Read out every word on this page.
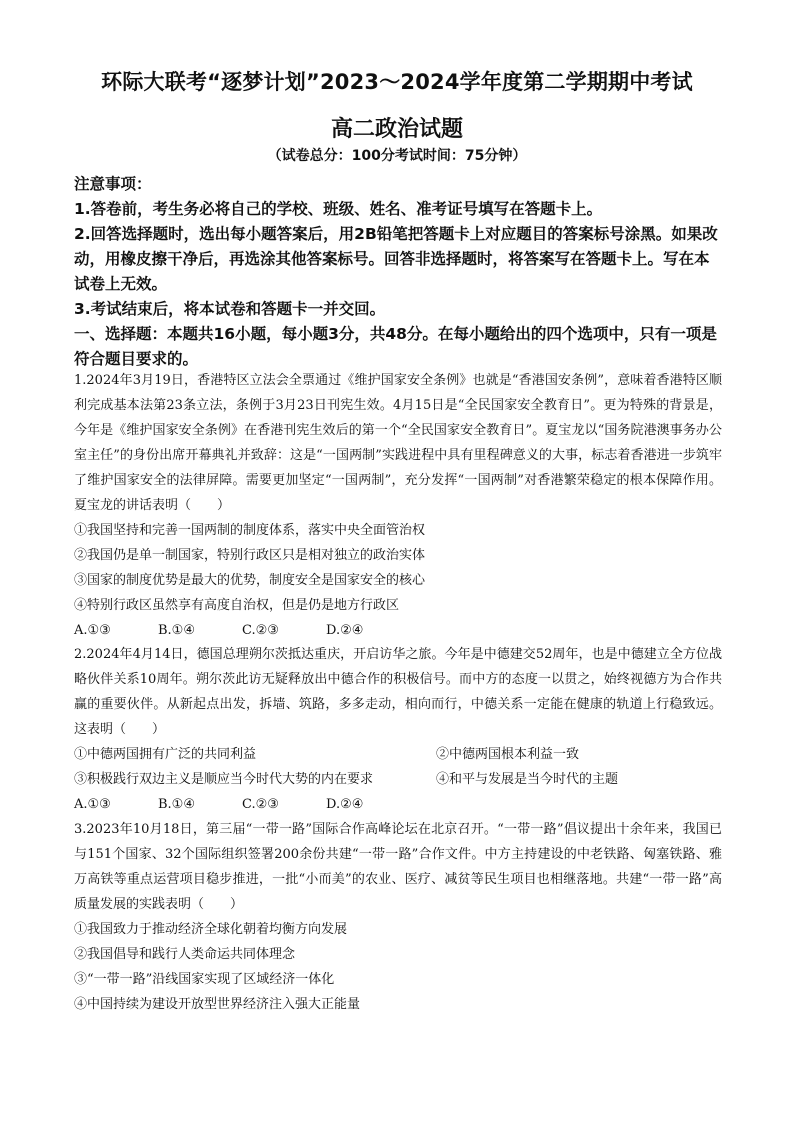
环际大联考“逐梦计划”2023～2024学年度第二学期期中考试
高二政治试题
（试卷总分：100分考试时间：75分钟）
注意事项：
1.答卷前，考生务必将自己的学校、班级、姓名、准考证号填写在答题卡上。
2.回答选择题时，选出每小题答案后，用2B铅笔把答题卡上对应题目的答案标号涂黑。如果改动，用橡皮擦干净后，再选涂其他答案标号。回答非选择题时，将答案写在答题卡上。写在本试卷上无效。
3.考试结束后，将本试卷和答题卡一并交回。
一、选择题：本题共16小题，每小题3分，共48分。在每小题给出的四个选项中，只有一项是符合题目要求的。
1.2024年3月19日，香港特区立法会全票通过《维护国家安全条例》也就是“香港国安条例”，意味着香港特区顺利完成基本法第23条立法，条例于3月23日刊宪生效。4月15日是“全民国家安全教育日”。更为特殊的背景是，今年是《维护国家安全条例》在香港刊宪生效后的第一个“全民国家安全教育日”。夏宝龙以“国务院港澳事务办公室主任”的身份出席开幕典礼并致辞：这是“一国两制”实践进程中具有里程碑意义的大事，标志着香港进一步筑牢了维护国家安全的法律屏障。需要更加坚定“一国两制”，充分发挥“一国两制”对香港繁荣稳定的根本保障作用。夏宝龙的讲话表明（　　）
①我国坚持和完善一国两制的制度体系，落实中央全面管治权
②我国仍是单一制国家，特别行政区只是相对独立的政治实体
③国家的制度优势是最大的优势，制度安全是国家安全的核心
④特别行政区虽然享有高度自治权，但是仍是地方行政区
A.①③	B.①④	C.②③	D.②④
2.2024年4月14日，德国总理朔尔茨抵达重庆，开启访华之旅。今年是中德建交52周年，也是中德建立全方位战略伙伴关系10周年。朔尔茨此访无疑释放出中德合作的积极信号。而中方的态度一以贯之，始终视德方为合作共赢的重要伙伴。从新起点出发，拆墙、筑路，多多走动，相向而行，中德关系一定能在健康的轨道上行稳致远。这表明（　　）
①中德两国拥有广泛的共同利益	②中德两国根本利益一致
③积极践行双边主义是顺应当今时代大势的内在要求	④和平与发展是当今时代的主题
A.①③	B.①④	C.②③	D.②④
3.2023年10月18日，第三届“一带一路”国际合作高峰论坛在北京召开。“一带一路”倡议提出十余年来，我国已与151个国家、32个国际组织签署200余份共建“一带一路”合作文件。中方主持建设的中老铁路、匈塞铁路、雅万高铁等重点运营项目稳步推进，一批“小而美”的农业、医疗、减贫等民生项目也相继落地。共建“一带一路”高质量发展的实践表明（　　）
①我国致力于推动经济全球化朝着均衡方向发展
②我国倡导和践行人类命运共同体理念
③“一带一路”沿线国家实现了区域经济一体化
④中国持续为建设开放型世界经济注入强大正能量
